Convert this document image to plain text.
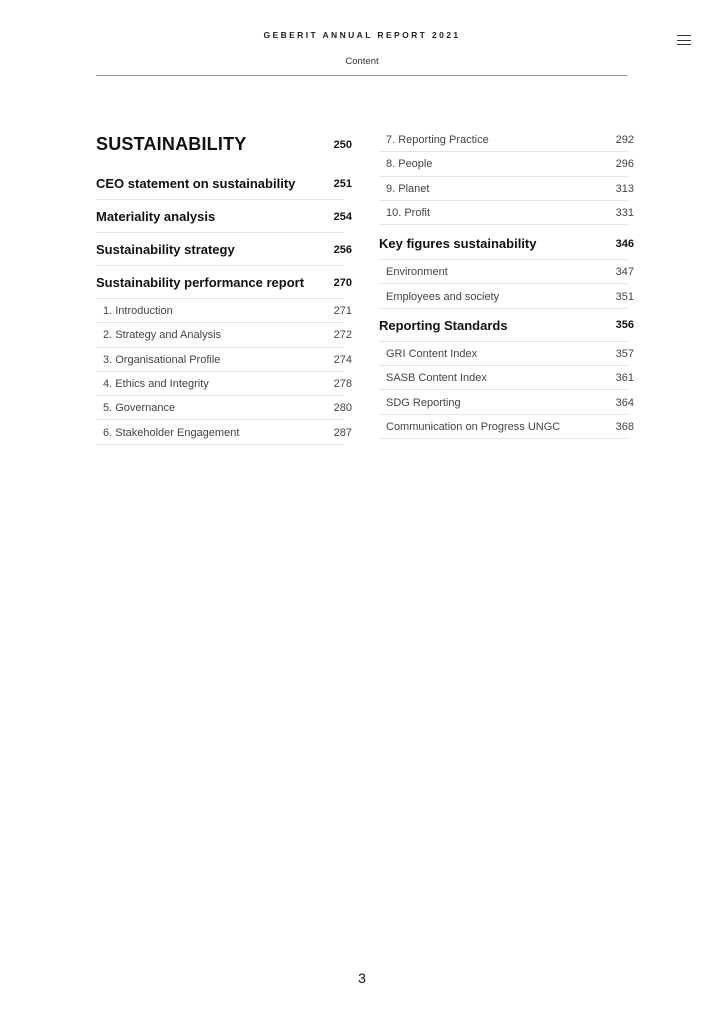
GEBERIT ANNUAL REPORT 2021
Content
SUSTAINABILITY	250
CEO statement on sustainability	251
Materiality analysis	254
Sustainability strategy	256
Sustainability performance report	270
1. Introduction	271
2. Strategy and Analysis	272
3. Organisational Profile	274
4. Ethics and Integrity	278
5. Governance	280
6. Stakeholder Engagement	287
7. Reporting Practice	292
8. People	296
9. Planet	313
10. Profit	331
Key figures sustainability	346
Environment	347
Employees and society	351
Reporting Standards	356
GRI Content Index	357
SASB Content Index	361
SDG Reporting	364
Communication on Progress UNGC	368
3
